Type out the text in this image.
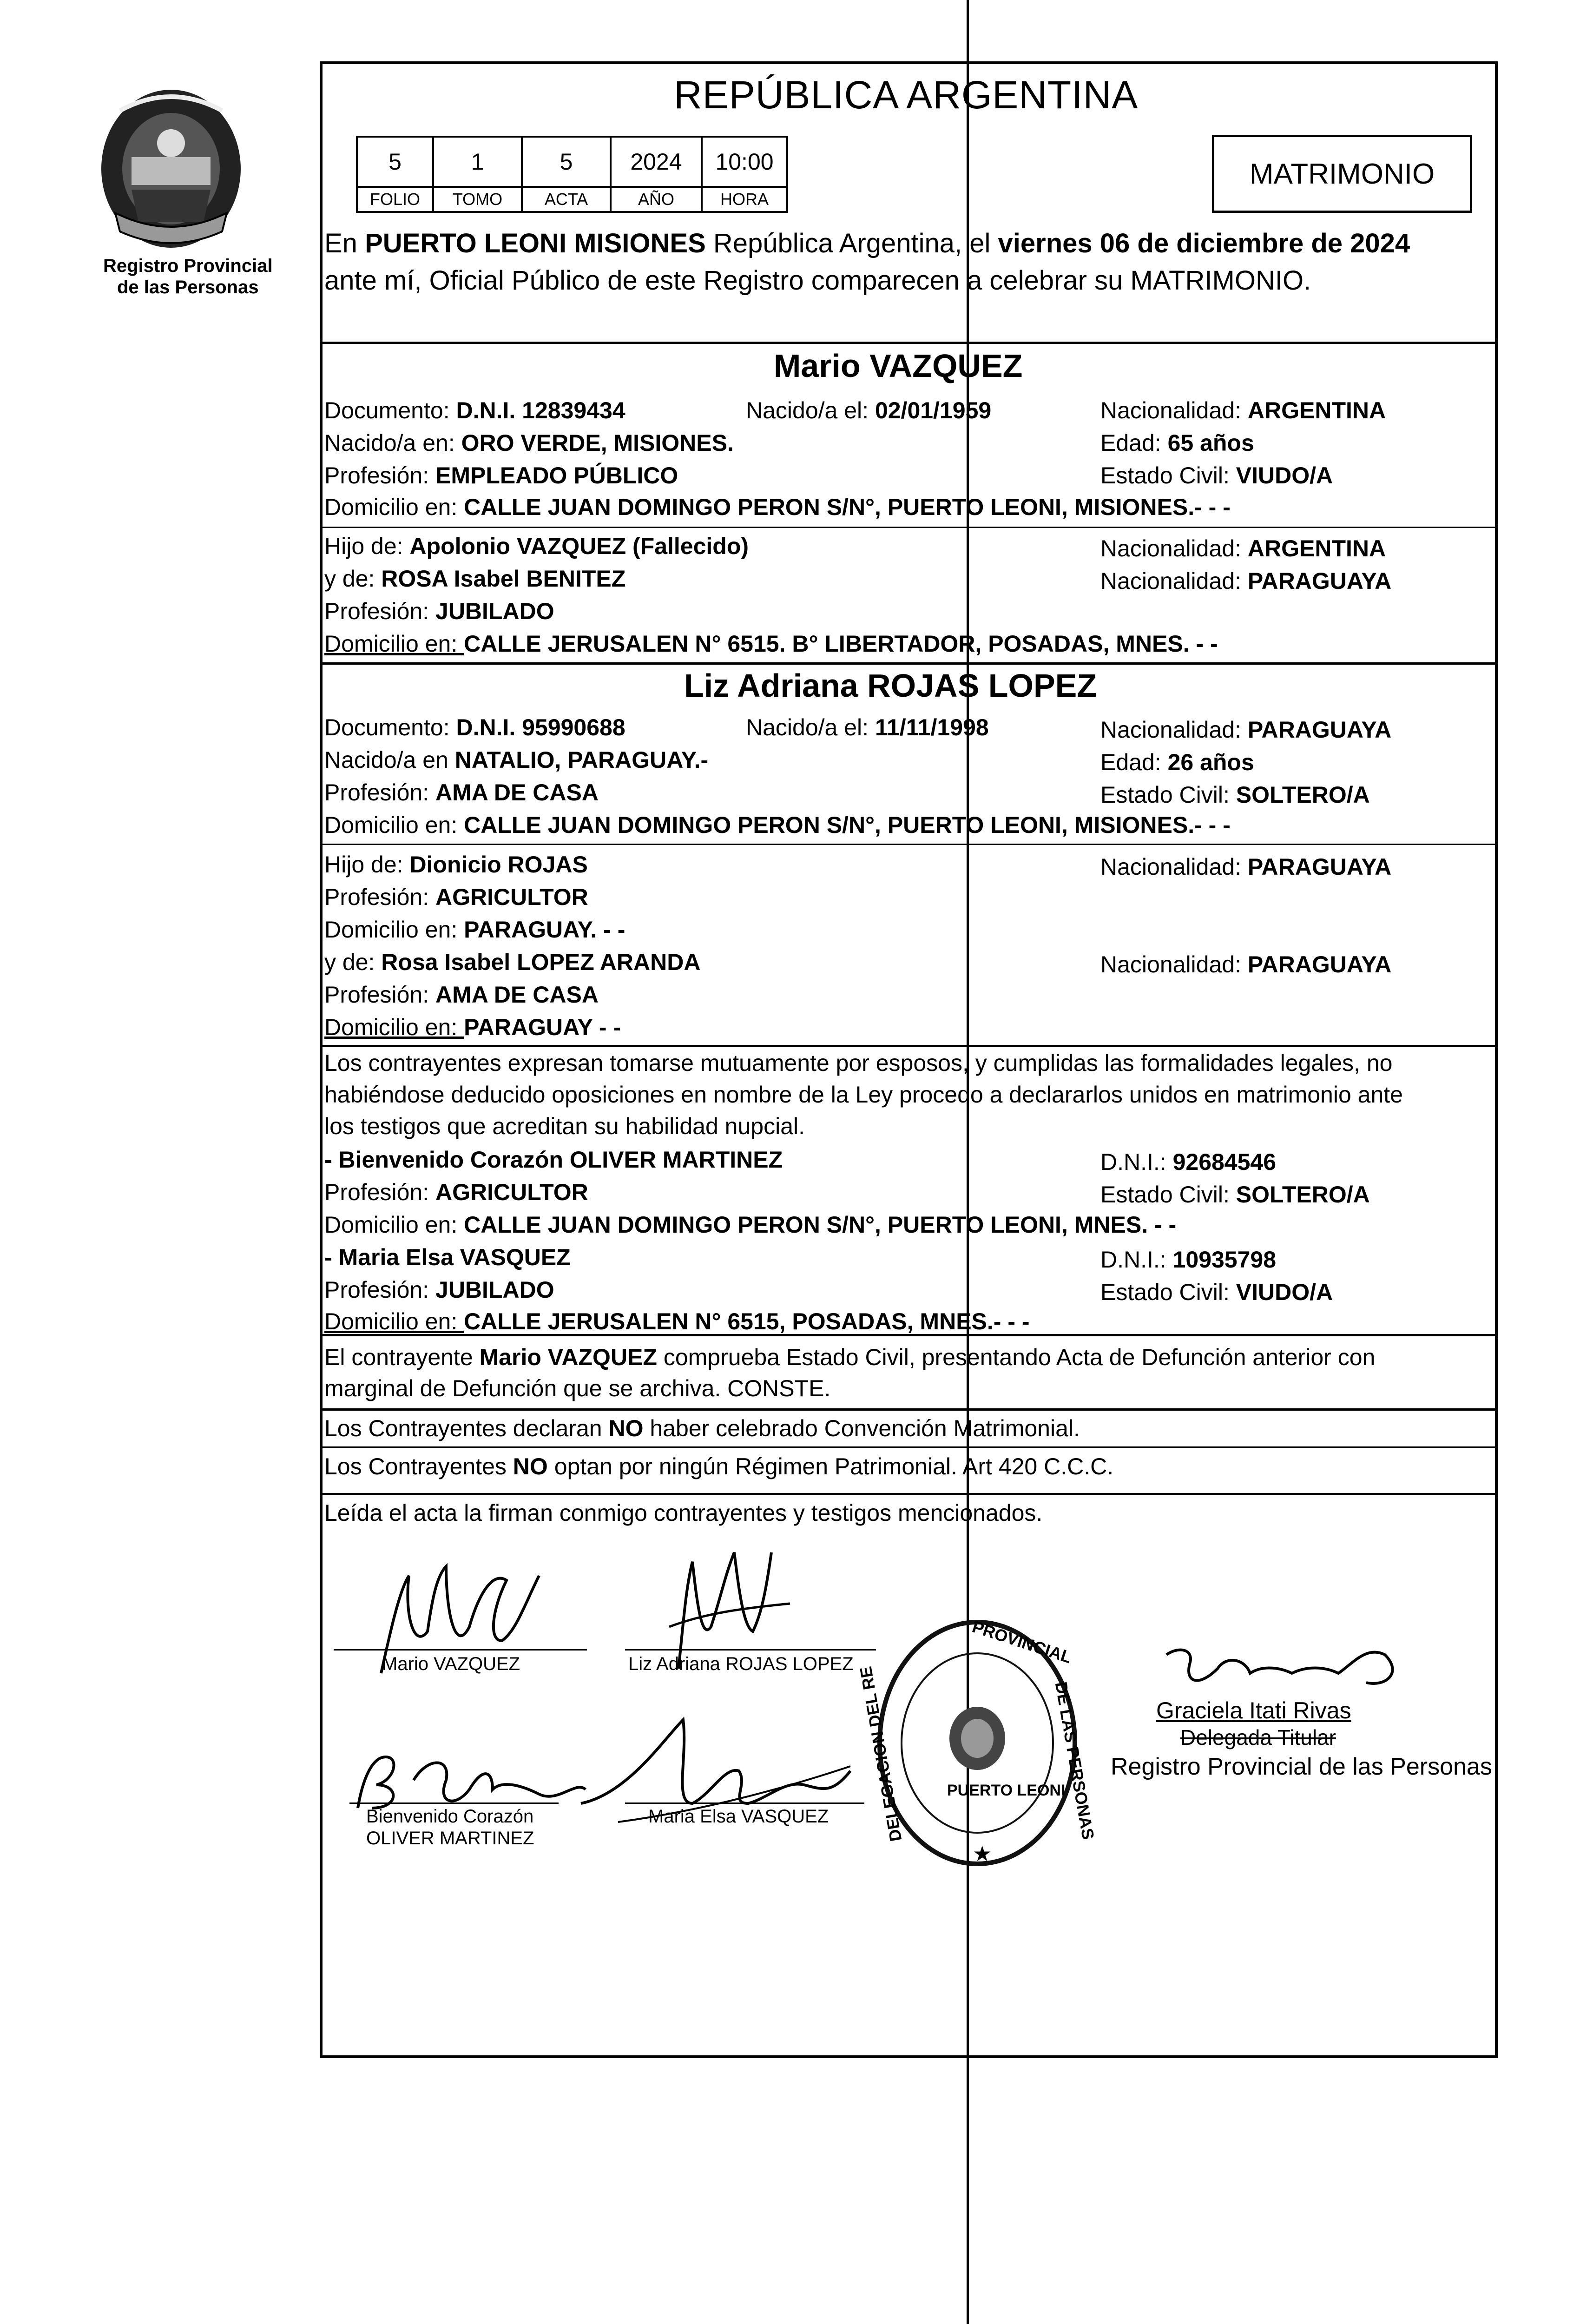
Registro Provincial
de las Personas
REPÚBLICA ARGENTINA
5	1	5	2024	10:00
FOLIO	TOMO	ACTA	AÑO	HORA
MATRIMONIO
En PUERTO LEONI MISIONES República Argentina, el viernes 06 de diciembre de 2024
ante mí, Oficial Público de este Registro comparecen a celebrar su MATRIMONIO.
Mario VAZQUEZ
Documento: D.N.I. 12839434	Nacido/a el: 02/01/1959	Nacionalidad: ARGENTINA
Nacido/a en: ORO VERDE, MISIONES.	Edad: 65 años
Profesión: EMPLEADO PÚBLICO	Estado Civil: VIUDO/A
Domicilio en: CALLE JUAN DOMINGO PERON S/N°, PUERTO LEONI, MISIONES.- - -
Hijo de: Apolonio VAZQUEZ (Fallecido)	Nacionalidad: ARGENTINA
y de: ROSA Isabel BENITEZ	Nacionalidad: PARAGUAYA
Profesión: JUBILADO
Domicilio en: CALLE JERUSALEN N° 6515. B° LIBERTADOR, POSADAS, MNES. - -
Liz Adriana ROJAS LOPEZ
Documento: D.N.I. 95990688	Nacido/a el: 11/11/1998	Nacionalidad: PARAGUAYA
Nacido/a en NATALIO, PARAGUAY.-	Edad: 26 años
Profesión: AMA DE CASA	Estado Civil: SOLTERO/A
Domicilio en: CALLE JUAN DOMINGO PERON S/N°, PUERTO LEONI, MISIONES.- - -
Hijo de: Dionicio ROJAS	Nacionalidad: PARAGUAYA
Profesión: AGRICULTOR
Domicilio en: PARAGUAY. - -
y de: Rosa Isabel LOPEZ ARANDA	Nacionalidad: PARAGUAYA
Profesión: AMA DE CASA
Domicilio en: PARAGUAY - -
Los contrayentes expresan tomarse mutuamente por esposos, y cumplidas las formalidades legales, no
habiéndose deducido oposiciones en nombre de la Ley procedo a declararlos unidos en matrimonio ante
los testigos que acreditan su habilidad nupcial.
- Bienvenido Corazón OLIVER MARTINEZ	D.N.I.: 92684546
Profesión: AGRICULTOR	Estado Civil: SOLTERO/A
Domicilio en: CALLE JUAN DOMINGO PERON S/N°, PUERTO LEONI, MNES. - -
- Maria Elsa VASQUEZ	D.N.I.: 10935798
Profesión: JUBILADO	Estado Civil: VIUDO/A
Domicilio en: CALLE JERUSALEN N° 6515, POSADAS, MNES.- - -
El contrayente Mario VAZQUEZ comprueba Estado Civil, presentando Acta de Defunción anterior con
marginal de Defunción que se archiva. CONSTE.
Los Contrayentes declaran NO haber celebrado Convención Matrimonial.
Los Contrayentes NO optan por ningún Régimen Patrimonial. Art 420 C.C.C.
Leída el acta la firman conmigo contrayentes y testigos mencionados.
Mario VAZQUEZ	Liz Adriana ROJAS LOPEZ
Bienvenido Corazón
OLIVER MARTINEZ
Maria Elsa VASQUEZ
PROVINCIAL
DELEGACION DEL RE	DE LAS PERSONAS
PUERTO LEONI
★
Graciela Itati Rivas
Delegada Titular
Registro Provincial de las Personas
